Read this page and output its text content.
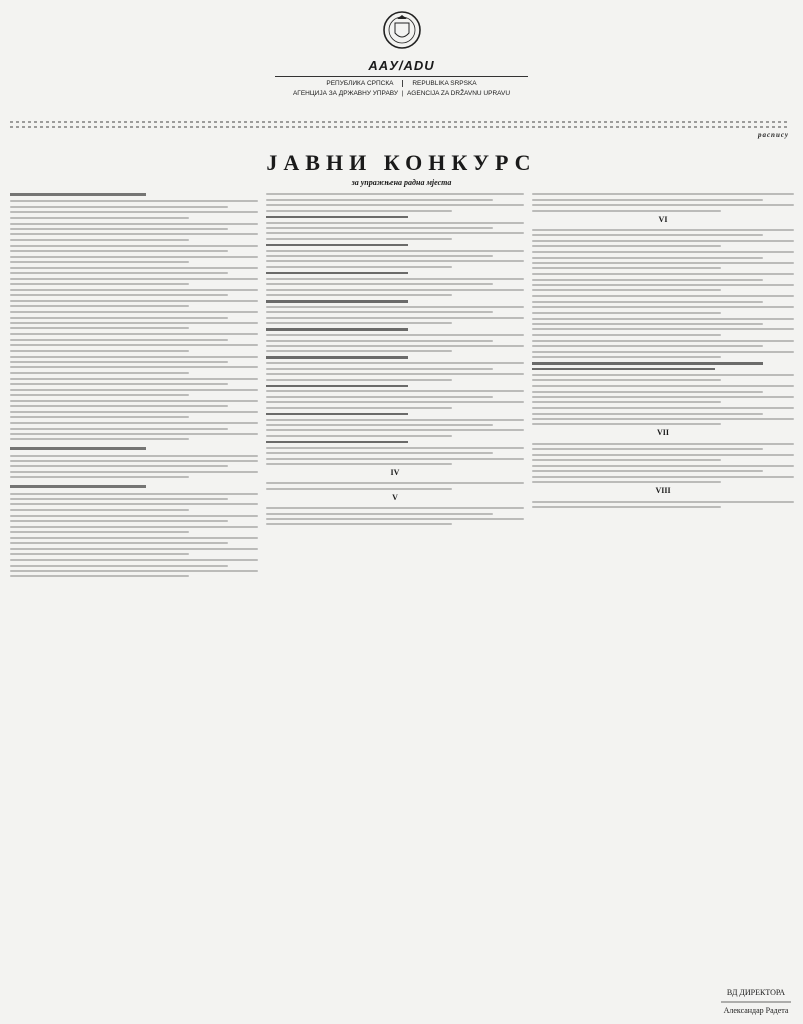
AAУ/ADU
РЕПУБЛИКА СРПСКА	REPUBLIKA SRPSKA
АГЕНЦИЈА ЗА ДРЖАВНУ УПРАВУ  |  AGENCIJA ZA DRŽAVNU UPRAVU
распису
ЈАВНИ КОНКУРС
за упражњена радна мјеста
IV
V
VI
VII
VIII
ВД ДИРЕКТОРА
Александар Радета
